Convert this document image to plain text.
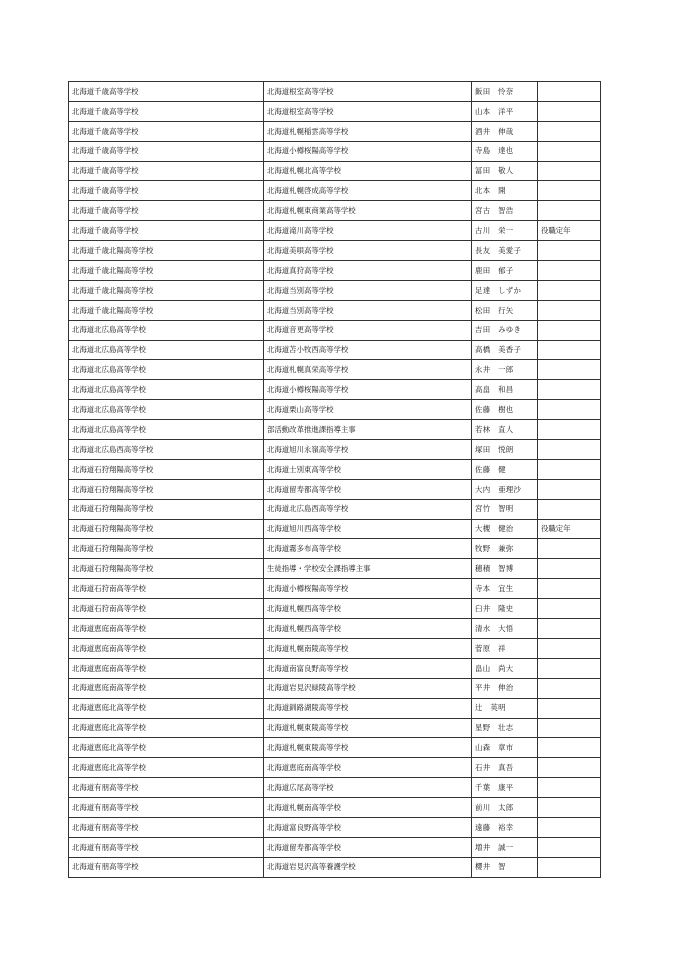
北海道千歳高等学校	北海道根室高等学校	飯田　怜奈	
北海道千歳高等学校	北海道根室高等学校	山本　洋平	
北海道千歳高等学校	北海道札幌稲雲高等学校	酒井　伸哉	
北海道千歳高等学校	北海道小樽桜陽高等学校	寺島　達也	
北海道千歳高等学校	北海道札幌北高等学校	冨田　敬人	
北海道千歳高等学校	北海道札幌啓成高等学校	北本　開	
北海道千歳高等学校	北海道札幌東商業高等学校	宮古　智浩	
北海道千歳高等学校	北海道滝川高等学校	古川　栄一	役職定年
北海道千歳北陽高等学校	北海道美唄高等学校	長友　美愛子	
北海道千歳北陽高等学校	北海道真狩高等学校	鹿田　郁子	
北海道千歳北陽高等学校	北海道当別高等学校	足達　しずか	
北海道千歳北陽高等学校	北海道当別高等学校	松田　行矢	
北海道北広島高等学校	北海道音更高等学校	吉田　みゆき	
北海道北広島高等学校	北海道苫小牧西高等学校	高橋　美香子	
北海道北広島高等学校	北海道札幌真栄高等学校	永井　一郎	
北海道北広島高等学校	北海道小樽桜陽高等学校	高畠　和昌	
北海道北広島高等学校	北海道栗山高等学校	佐藤　樹也	
北海道北広島高等学校	部活動改革推進課指導主事	若林　直人	
北海道北広島西高等学校	北海道旭川永嶺高等学校	塚田　悦朗	
北海道石狩翔陽高等学校	北海道士別東高等学校	佐藤　健	
北海道石狩翔陽高等学校	北海道留寿都高等学校	大内　亜理沙	
北海道石狩翔陽高等学校	北海道北広島西高等学校	宮竹　智明	
北海道石狩翔陽高等学校	北海道旭川西高等学校	大槻　健治	役職定年
北海道石狩翔陽高等学校	北海道霧多布高等学校	牧野　兼弥	
北海道石狩翔陽高等学校	生徒指導・学校安全課指導主事	穂積　智博	
北海道石狩南高等学校	北海道小樽桜陽高等学校	寺本　宜生	
北海道石狩南高等学校	北海道札幌西高等学校	臼井　隆史	
北海道恵庭南高等学校	北海道札幌西高等学校	清水　大悟	
北海道恵庭南高等学校	北海道札幌南陵高等学校	菅原　祥	
北海道恵庭南高等学校	北海道南富良野高等学校	畠山　尚大	
北海道恵庭南高等学校	北海道岩見沢緑陵高等学校	平井　伸治	
北海道恵庭北高等学校	北海道釧路湖陵高等学校	辻　英明	
北海道恵庭北高等学校	北海道札幌東陵高等学校	星野　壮志	
北海道恵庭北高等学校	北海道札幌東陵高等学校	山森　章市	
北海道恵庭北高等学校	北海道恵庭南高等学校	石井　真吾	
北海道有朋高等学校	北海道広尾高等学校	千葉　康平	
北海道有朋高等学校	北海道札幌南高等学校	前川　太郎	
北海道有朋高等学校	北海道富良野高等学校	遠藤　裕幸	
北海道有朋高等学校	北海道留寿都高等学校	増井　誠一	
北海道有朋高等学校	北海道岩見沢高等養護学校	櫻井　智	
